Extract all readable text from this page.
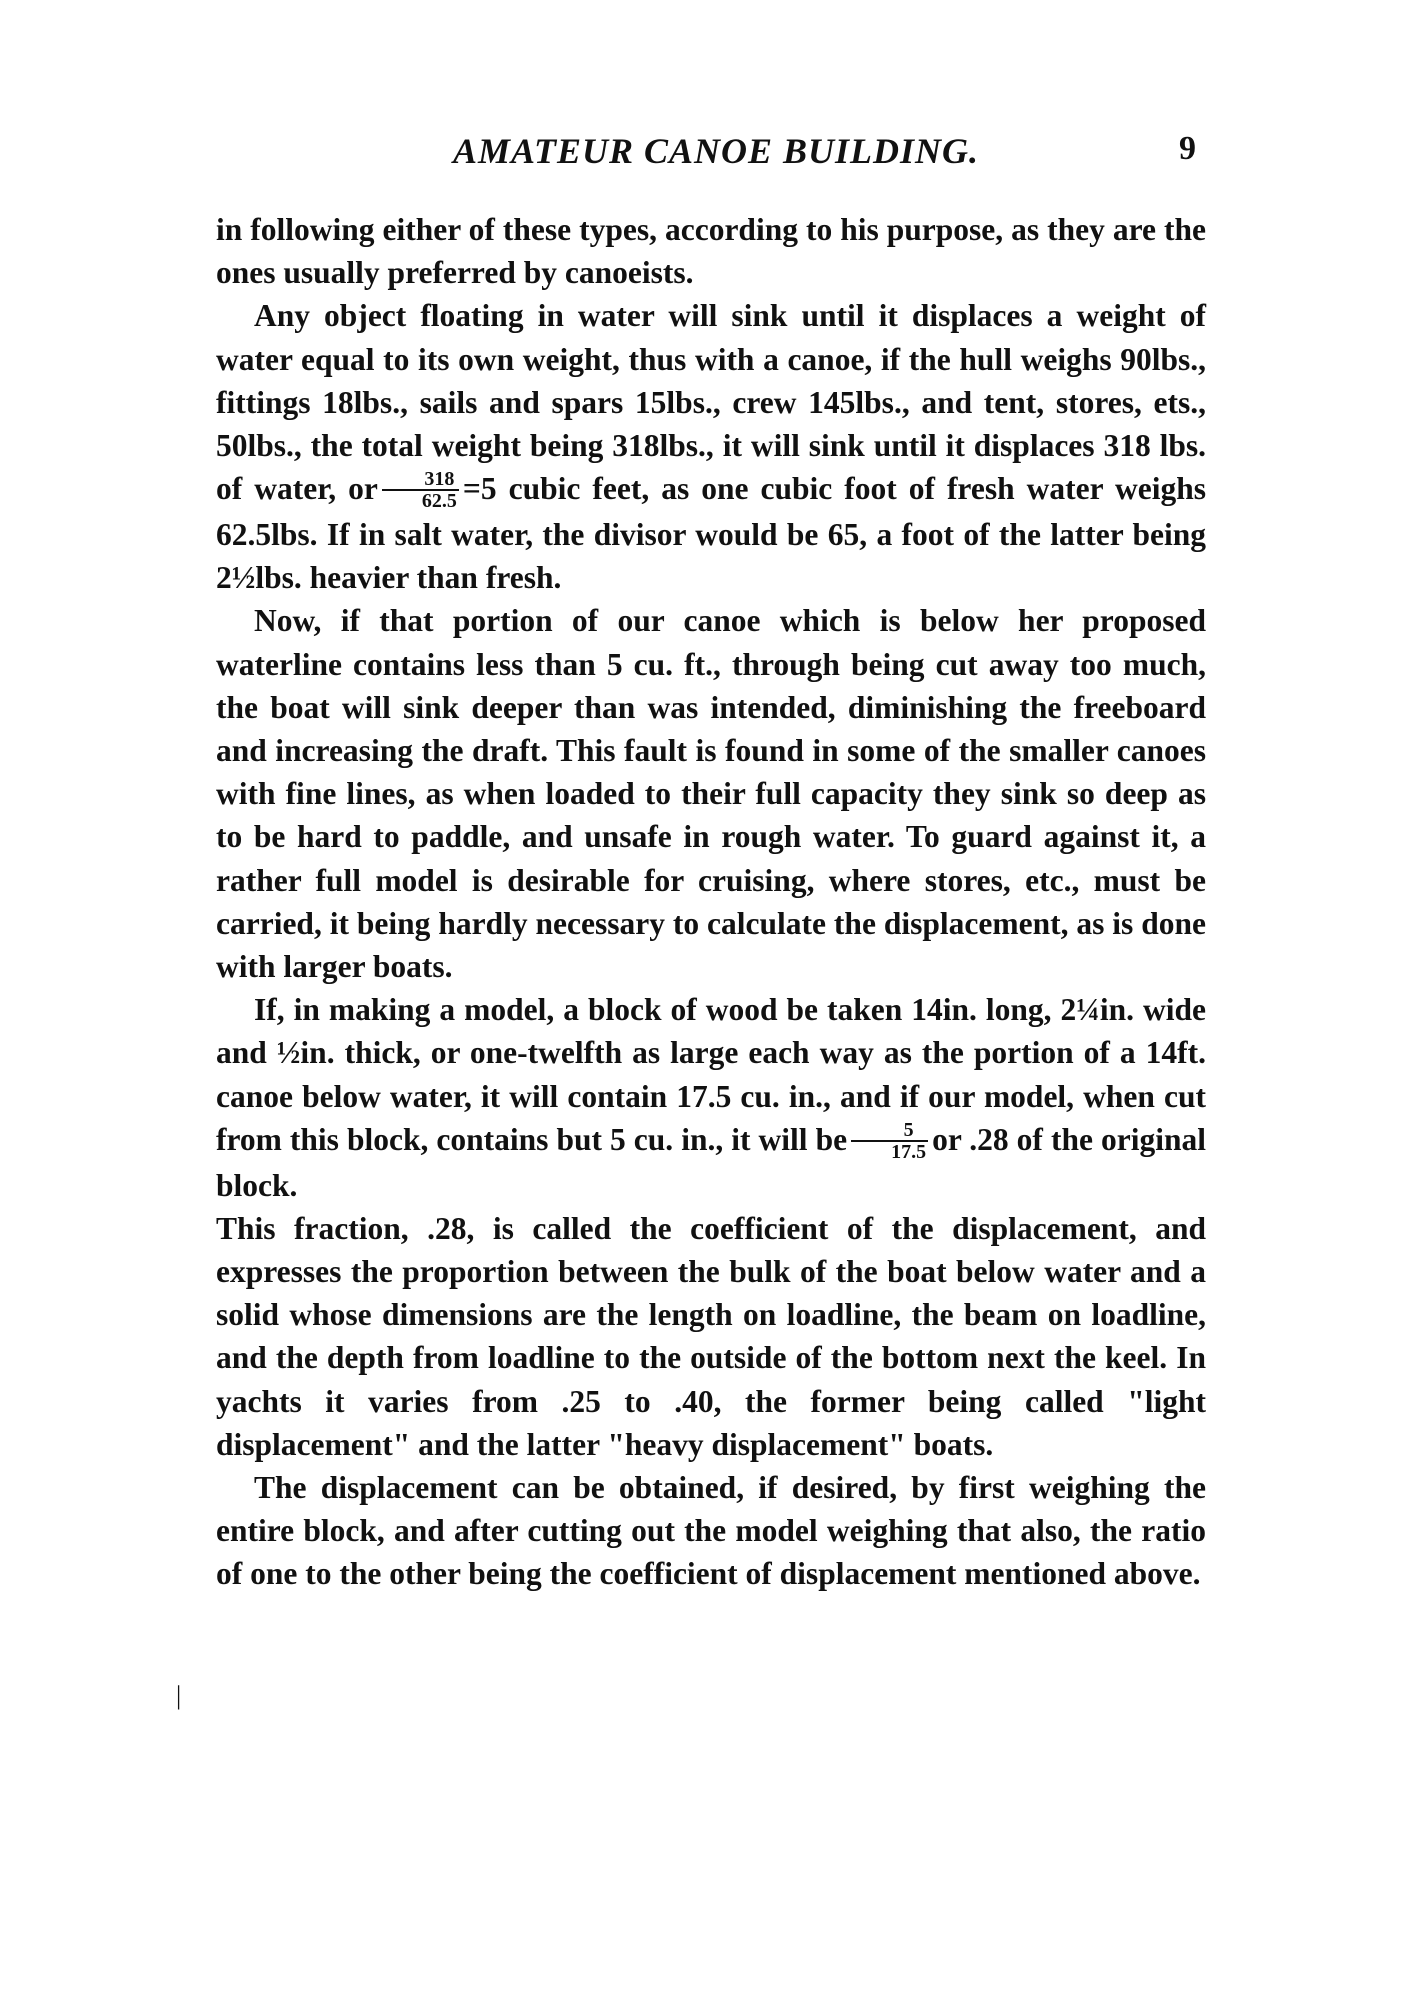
AMATEUR CANOE BUILDING.	9
|

in following either of these types, according to his purpose, as they are the ones usually preferred by canoeists.

Any object floating in water will sink until it displaces a weight of water equal to its own weight, thus with a canoe, if the hull weighs 90lbs., fittings 18lbs., sails and spars 15lbs., crew 145lbs., and tent, stores, ets., 50lbs., the total weight being 318lbs., it will sink until it displaces 318 lbs. of water, or $\frac{318}{62.5} =5$ cubic feet, as one cubic foot of fresh water weighs 62.5lbs. If in salt water, the divisor would be 65, a foot of the latter being 2½lbs. heavier than fresh.

Now, if that portion of our canoe which is below her proposed waterline contains less than 5 cu. ft., through being cut away too much, the boat will sink deeper than was intended, diminishing the freeboard and increasing the draft. This fault is found in some of the smaller canoes with fine lines, as when loaded to their full capacity they sink so deep as to be hard to paddle, and unsafe in rough water. To guard against it, a rather full model is desirable for cruising, where stores, etc., must be carried, it being hardly necessary to calculate the displacement, as is done with larger boats.

If, in making a model, a block of wood be taken 14in. long, 2¼in. wide and ½in. thick, or one-twelfth as large each way as the portion of a 14ft. canoe below water, it will contain 17.5 cu. in., and if our model, when cut from this block, contains but 5 cu. in., it will be $\frac{5}{17.5}$ or .28 of the original block.

This fraction, .28, is called the coefficient of the displacement, and expresses the proportion between the bulk of the boat below water and a solid whose dimensions are the length on loadline, the beam on loadline, and the depth from loadline to the outside of the bottom next the keel. In yachts it varies from .25 to .40, the former being called "light displacement" and the latter "heavy displacement" boats.

The displacement can be obtained, if desired, by first weighing the entire block, and after cutting out the model weighing that also, the ratio of one to the other being the coefficient of displacement mentioned above.
